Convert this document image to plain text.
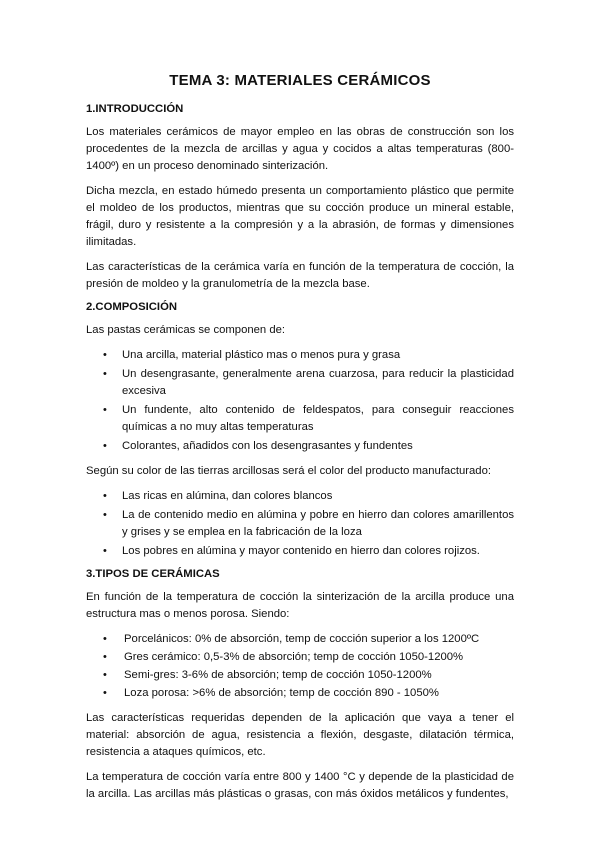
TEMA 3: MATERIALES CERÁMICOS
1.INTRODUCCIÓN

Los materiales cerámicos de mayor empleo en las obras de construcción son los procedentes de la mezcla de arcillas y agua y cocidos a altas temperaturas (800-1400º) en un proceso denominado sinterización.

Dicha mezcla, en estado húmedo presenta un comportamiento plástico que permite el moldeo de los productos, mientras que su cocción produce un mineral estable, frágil, duro y resistente a la compresión y a la abrasión, de formas y dimensiones ilimitadas.

Las características de la cerámica varía en función de la temperatura de cocción, la presión de moldeo y la granulometría de la mezcla base.

2.COMPOSICIÓN

Las pastas cerámicas se componen de:

• Una arcilla, material plástico mas o menos pura y grasa
• Un desengrasante, generalmente arena cuarzosa, para reducir la plasticidad excesiva
• Un fundente, alto contenido de feldespatos, para conseguir reacciones químicas a no muy altas temperaturas
• Colorantes, añadidos con los desengrasantes y fundentes

Según su color de las tierras arcillosas será el color del producto manufacturado:

• Las ricas en alúmina, dan colores blancos
• La de contenido medio en alúmina y pobre en hierro dan colores amarillentos y grises y se emplea en la fabricación de la loza
• Los pobres en alúmina y mayor contenido en hierro dan colores rojizos.
3.TIPOS DE CERÁMICAS

En función de la temperatura de cocción la sinterización de la arcilla produce una estructura mas o menos porosa. Siendo:

• Porcelánicos: 0% de absorción, temp de cocción superior a los 1200ºC
• Gres cerámico: 0,5-3% de absorción; temp de cocción 1050-1200%
• Semi-gres: 3-6% de absorción; temp de cocción 1050-1200%
• Loza porosa: >6% de absorción; temp de cocción 890 - 1050%

Las características requeridas dependen de la aplicación que vaya a tener el material: absorción de agua, resistencia a flexión, desgaste, dilatación térmica, resistencia a ataques químicos, etc.

La temperatura de cocción varía entre 800 y 1400 °C y depende de la plasticidad de la arcilla. Las arcillas más plásticas o grasas, con más óxidos metálicos y fundentes,
